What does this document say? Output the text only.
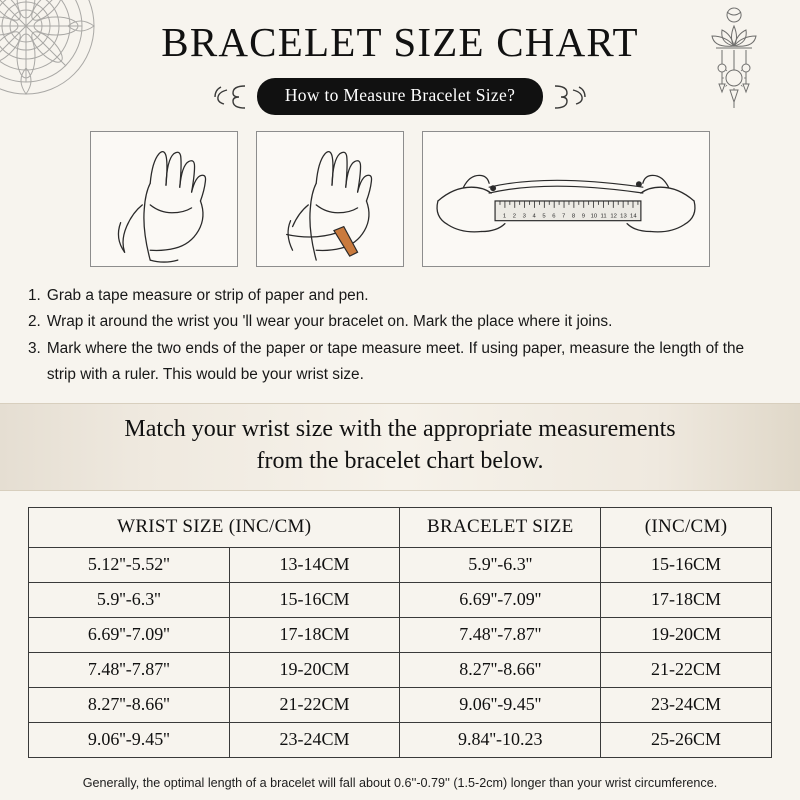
BRACELET SIZE CHART
How to Measure Bracelet Size?
1 2 3 4 5 6 7 8 9 10 11 12 13 14
1. Grab a tape measure or strip of paper and pen.
2. Wrap it around the wrist you 'll wear your bracelet on. Mark the place where it joins.
3. Mark where the two ends of the paper or tape measure meet. If using paper, measure the length of the strip with a ruler. This would be your wrist size.
Match your wrist size with the appropriate measurements
from the bracelet chart below.
WRIST SIZE (INC/CM)		BRACELET SIZE	(INC/CM)
5.12''-5.52''	13-14CM	5.9''-6.3''	15-16CM
5.9''-6.3''	15-16CM	6.69''-7.09''	17-18CM
6.69''-7.09''	17-18CM	7.48''-7.87''	19-20CM
7.48''-7.87''	19-20CM	8.27''-8.66''	21-22CM
8.27''-8.66''	21-22CM	9.06''-9.45''	23-24CM
9.06''-9.45''	23-24CM	9.84''-10.23	25-26CM
Generally, the optimal length of a bracelet will fall about 0.6''-0.79'' (1.5-2cm) longer than your wrist circumference.
